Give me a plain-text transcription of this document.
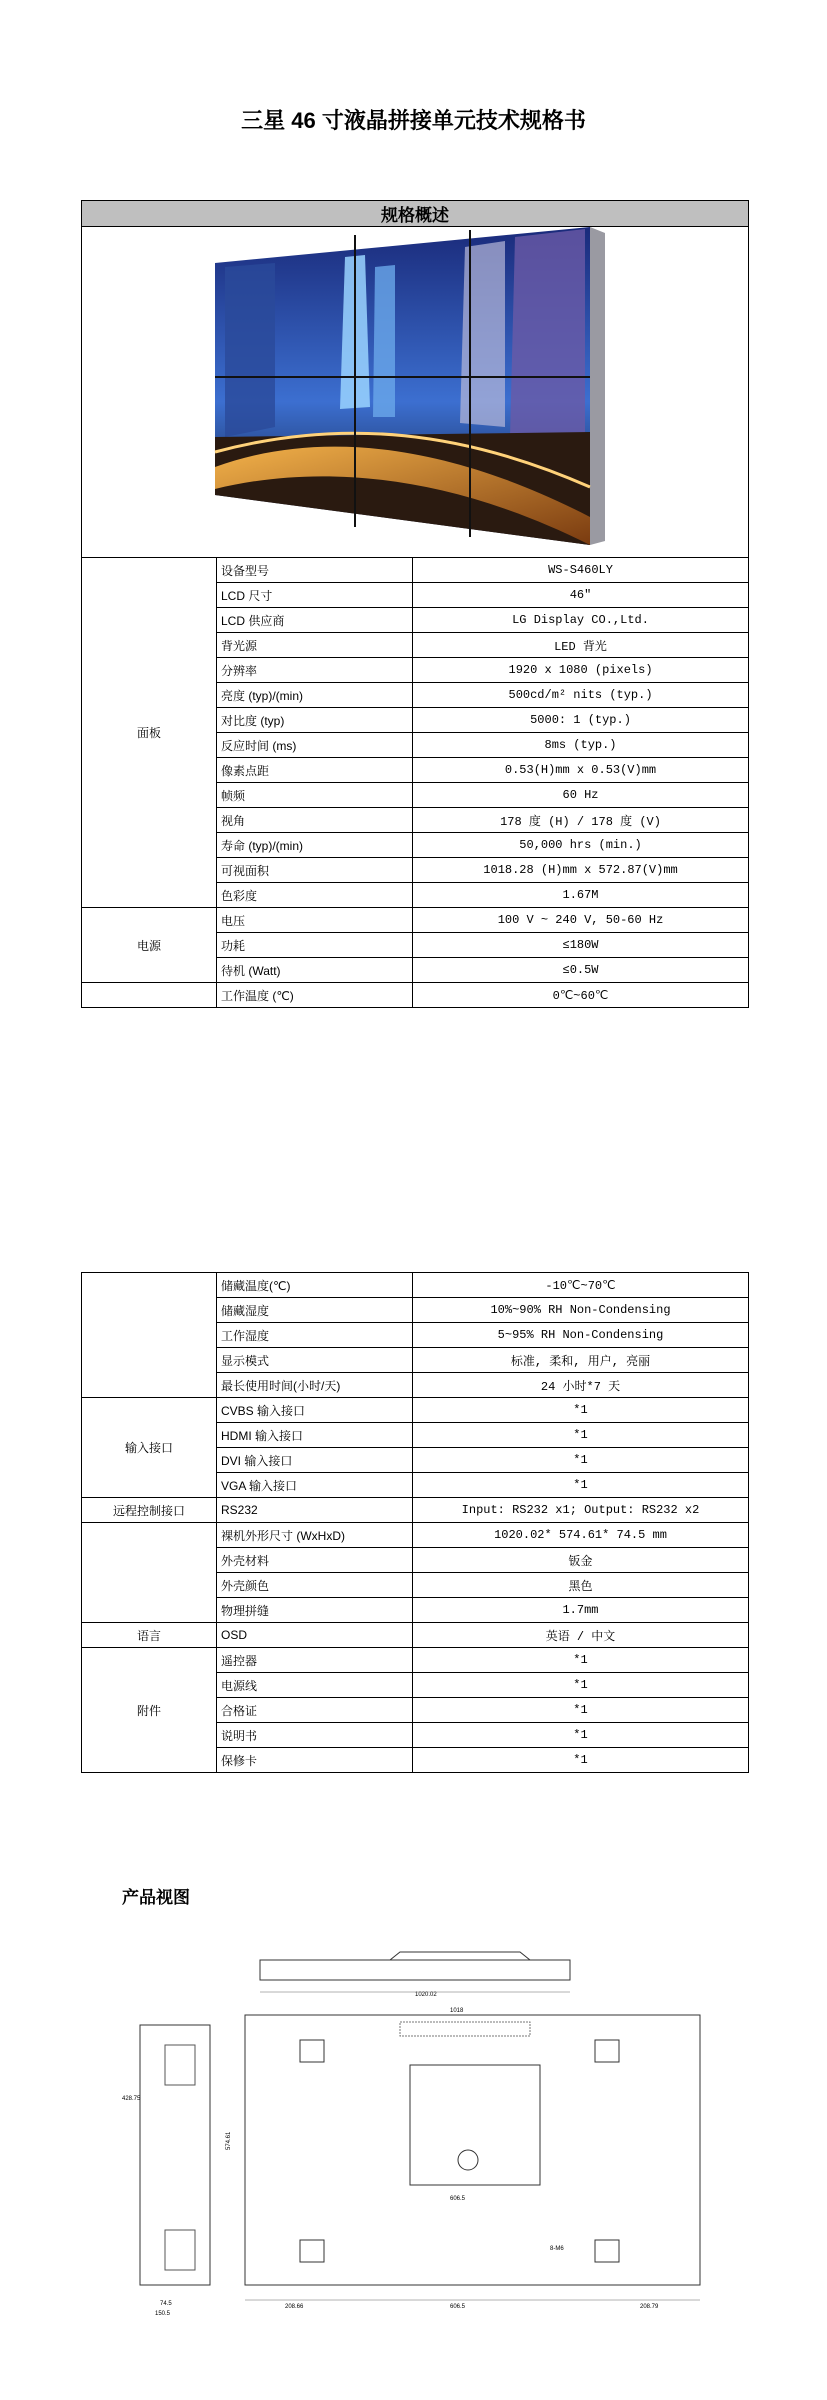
三星 46 寸液晶拼接单元技术规格书
规格概述		

面板	设备型号	WS-S460LY
	LCD 尺寸	46"
	LCD 供应商	LG Display CO.,Ltd.
	背光源	LED 背光
	分辨率	1920 x 1080 (pixels)
	亮度 (typ)/(min)	500cd/m² nits (typ.)
	对比度 (typ)	5000: 1 (typ.)
	反应时间 (ms)	8ms (typ.)
	像素点距	0.53(H)mm x 0.53(V)mm
	帧频	60 Hz
	视角	178 度 (H) / 178 度 (V)
	寿命 (typ)/(min)	50,000 hrs (min.)
	可视面积	1018.28 (H)mm x 572.87(V)mm
	色彩度	1.67M
电源	电压	100 V ~ 240 V, 50-60 Hz
	功耗	≤180W
	待机 (Watt)	≤0.5W
	工作温度 (℃)	0℃~60℃
	储藏温度(℃)	-10℃~70℃
	储藏湿度	10%~90% RH Non-Condensing
	工作湿度	5~95% RH Non-Condensing
	显示模式	标准, 柔和, 用户, 亮丽
	最长使用时间(小时/天)	24 小时*7 天
输入接口	CVBS 输入接口	*1
	HDMI 输入接口	*1
	DVI 输入接口	*1
	VGA 输入接口	*1
远程控制接口	RS232	Input: RS232 x1; Output: RS232 x2
	裸机外形尺寸 (WxHxD)	1020.02* 574.61* 74.5 mm
	外壳材料	钣金
	外壳颜色	黑色
	物理拼缝	1.7mm
语言	OSD	英语 / 中文
附件	遥控器	*1
	电源线	*1
	合格证	*1
	说明书	*1
	保修卡	*1
产品视图
1020.02
428.75
74.5
150.5
1018
574.61
8-M6
208.66	606.5	208.79
606.5
